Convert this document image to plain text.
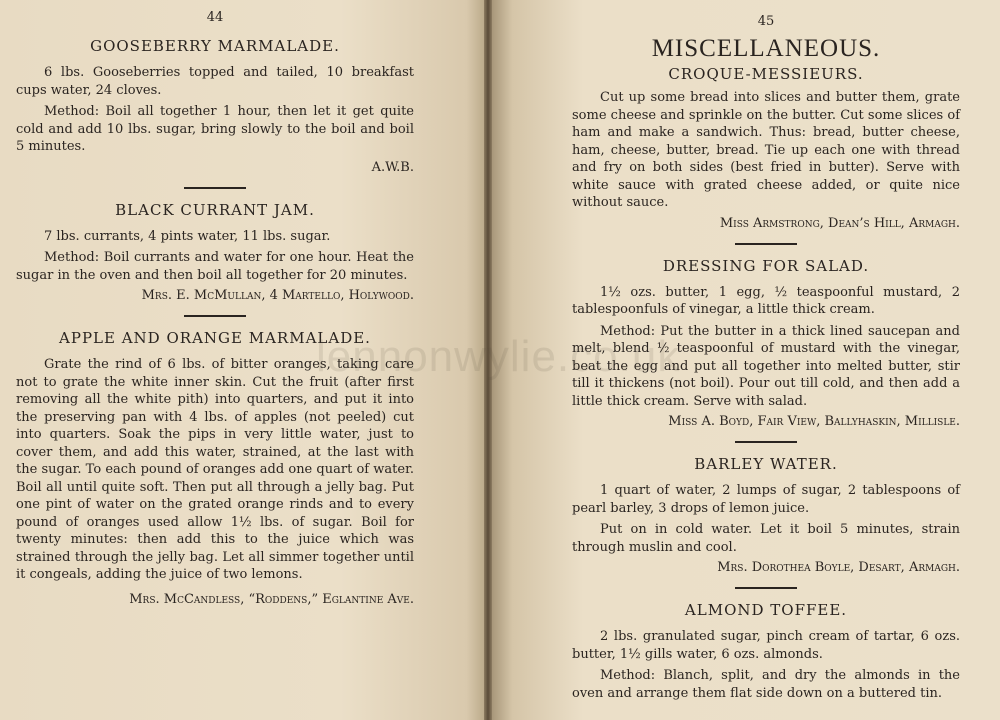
44
GOOSEBERRY MARMALADE.

6 lbs. Gooseberries topped and tailed, 10 breakfast cups water, 24 cloves.

Method: Boil all together 1 hour, then let it get quite cold and add 10 lbs. sugar, bring slowly to the boil and boil 5 minutes.

A.W.B.
BLACK CURRANT JAM.

7 lbs. currants, 4 pints water, 11 lbs. sugar.

Method: Boil currants and water for one hour. Heat the sugar in the oven and then boil all together for 20 minutes.

Mrs. E. McMullan, 4 Martello, Holywood.
APPLE AND ORANGE MARMALADE.

Grate the rind of 6 lbs. of bitter oranges, taking care not to grate the white inner skin. Cut the fruit (after first removing all the white pith) into quarters, and put it into the preserving pan with 4 lbs. of apples (not peeled) cut into quarters. Soak the pips in very little water, just to cover them, and add this water, strained, at the last with the sugar. To each pound of oranges add one quart of water. Boil all until quite soft. Then put all through a jelly bag. Put one pint of water on the grated orange rinds and to every pound of oranges used allow 1½ lbs. of sugar. Boil for twenty minutes: then add this to the juice which was strained through the jelly bag. Let all simmer together until it congeals, adding the juice of two lemons.

Mrs. McCandless, “Roddens,” Eglantine Ave.
45
MISCELLANEOUS.
CROQUE-MESSIEURS.

Cut up some bread into slices and butter them, grate some cheese and sprinkle on the butter. Cut some slices of ham and make a sandwich. Thus: bread, butter cheese, ham, cheese, butter, bread. Tie up each one with thread and fry on both sides (best fried in butter). Serve with white sauce with grated cheese added, or quite nice without sauce.

Miss Armstrong, Dean’s Hill, Armagh.
DRESSING FOR SALAD.

1½ ozs. butter, 1 egg, ½ teaspoonful mustard, 2 tablespoonfuls of vinegar, a little thick cream.

Method: Put the butter in a thick lined saucepan and melt, blend ½ teaspoonful of mustard with the vinegar, beat the egg and put all together into melted butter, stir till it thickens (not boil). Pour out till cold, and then add a little thick cream. Serve with salad.

Miss A. Boyd, Fair View, Ballyhaskin, Millisle.
BARLEY WATER.

1 quart of water, 2 lumps of sugar, 2 tablespoons of pearl barley, 3 drops of lemon juice.

Put on in cold water. Let it boil 5 minutes, strain through muslin and cool.

Mrs. Dorothea Boyle, Desart, Armagh.
ALMOND TOFFEE.

2 lbs. granulated sugar, pinch cream of tartar, 6 ozs. butter, 1½ gills water, 6 ozs. almonds.

Method: Blanch, split, and dry the almonds in the oven and arrange them flat side down on a buttered tin.

lennonwylie.co.uk
